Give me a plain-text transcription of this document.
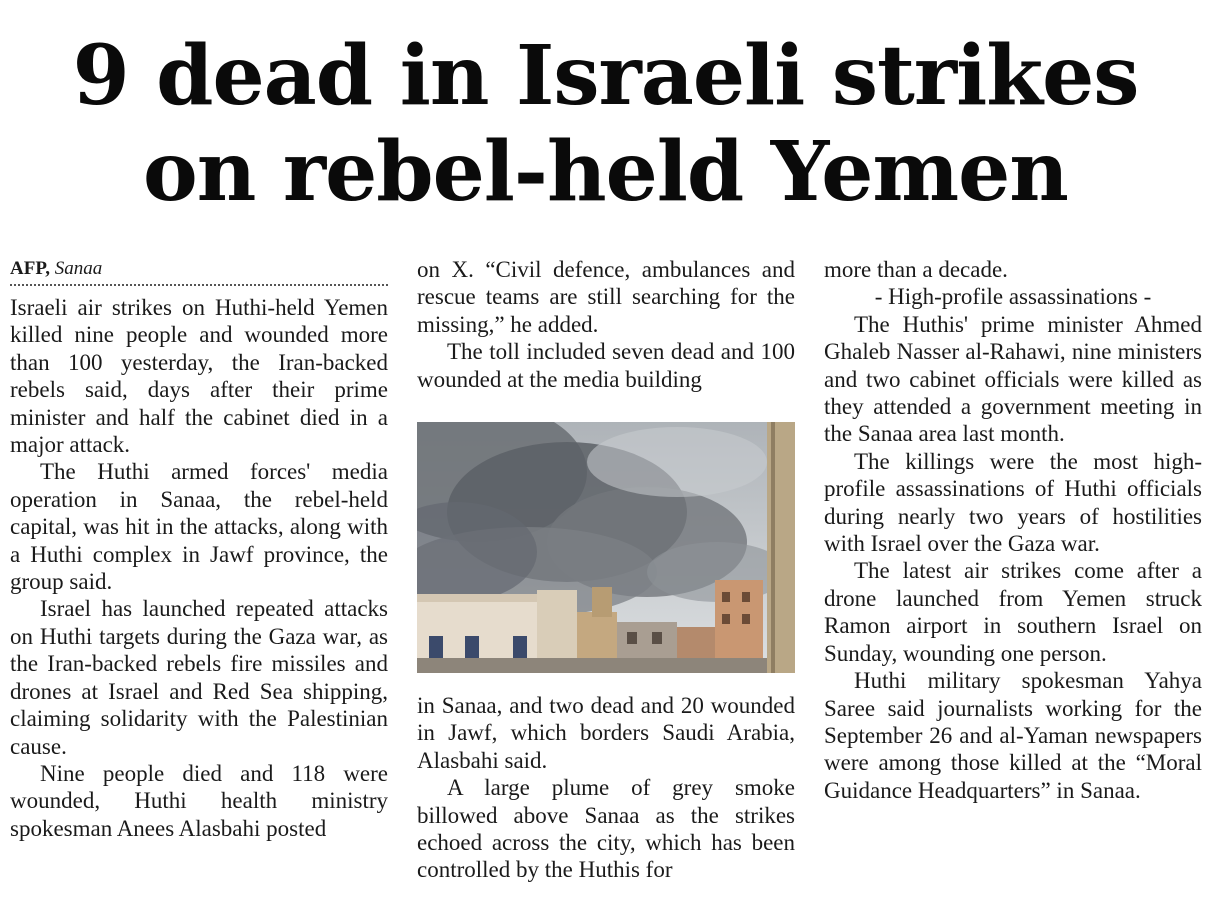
9 dead in Israeli strikes
on rebel-held Yemen
AFP, Sanaa

Israeli air strikes on Huthi-held Yemen killed nine people and wounded more than 100 yesterday, the Iran-backed rebels said, days after their prime minister and half the cabinet died in a major attack.

The Huthi armed forces' media operation in Sanaa, the rebel-held capital, was hit in the attacks, along with a Huthi complex in Jawf province, the group said.

Israel has launched repeated attacks on Huthi targets during the Gaza war, as the Iran-backed rebels fire missiles and drones at Israel and Red Sea shipping, claiming solidarity with the Palestinian cause.

Nine people died and 118 were wounded, Huthi health ministry spokesman Anees Alasbahi posted

on X. “Civil defence, ambulances and rescue teams are still searching for the missing,” he added.

The toll included seven dead and 100 wounded at the media building

in Sanaa, and two dead and 20 wounded in Jawf, which borders Saudi Arabia, Alasbahi said.

A large plume of grey smoke billowed above Sanaa as the strikes echoed across the city, which has been controlled by the Huthis for

more than a decade.

- High-profile assassinations -

The Huthis' prime minister Ahmed Ghaleb Nasser al-Rahawi, nine ministers and two cabinet officials were killed as they attended a government meeting in the Sanaa area last month.

The killings were the most high-profile assassinations of Huthi officials during nearly two years of hostilities with Israel over the Gaza war.

The latest air strikes come after a drone launched from Yemen struck Ramon airport in southern Israel on Sunday, wounding one person.

Huthi military spokesman Yahya Saree said journalists working for the September 26 and al-Yaman newspapers were among those killed at the “Moral Guidance Headquarters” in Sanaa.
